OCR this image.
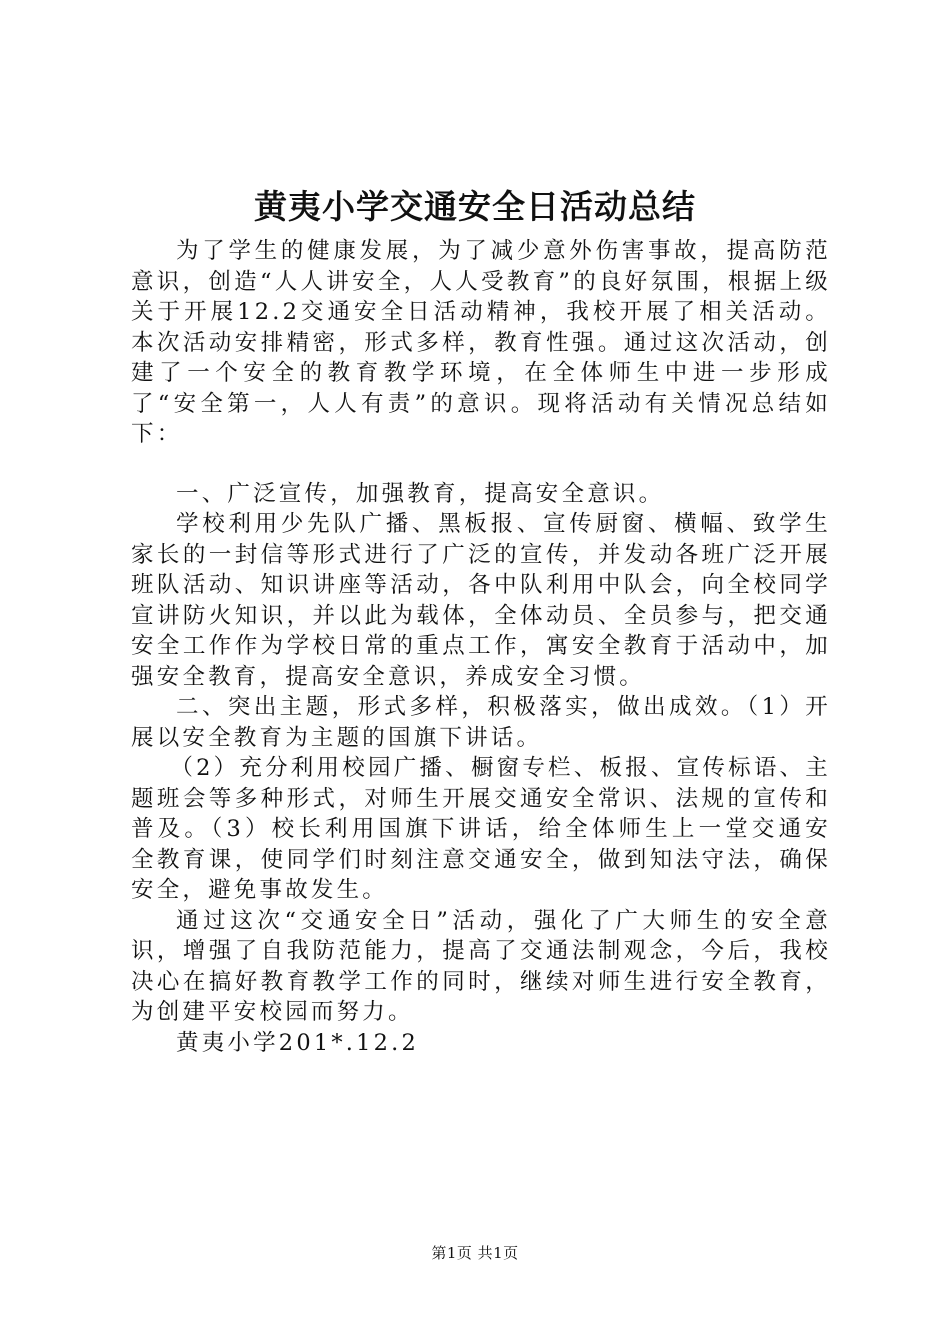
黄夷小学交通安全日活动总结

为了学生的健康发展，为了减少意外伤害事故，提高防范意识，创造“人人讲安全，人人受教育”的良好氛围，根据上级关于开展12.2交通安全日活动精神，我校开展了相关活动。本次活动安排精密，形式多样，教育性强。通过这次活动，创建了一个安全的教育教学环境，在全体师生中进一步形成了“安全第一，人人有责”的意识。现将活动有关情况总结如下：

一、广泛宣传，加强教育，提高安全意识。

学校利用少先队广播、黑板报、宣传厨窗、横幅、致学生家长的一封信等形式进行了广泛的宣传，并发动各班广泛开展班队活动、知识讲座等活动，各中队利用中队会，向全校同学宣讲防火知识，并以此为载体，全体动员、全员参与，把交通安全工作作为学校日常的重点工作，寓安全教育于活动中，加强安全教育，提高安全意识，养成安全习惯。

二、突出主题，形式多样，积极落实，做出成效。（1）开展以安全教育为主题的国旗下讲话。

（2）充分利用校园广播、橱窗专栏、板报、宣传标语、主题班会等多种形式，对师生开展交通安全常识、法规的宣传和普及。（3）校长利用国旗下讲话，给全体师生上一堂交通安全教育课，使同学们时刻注意交通安全，做到知法守法，确保安全，避免事故发生。

通过这次“交通安全日”活动，强化了广大师生的安全意识，增强了自我防范能力，提高了交通法制观念，今后，我校决心在搞好教育教学工作的同时，继续对师生进行安全教育，为创建平安校园而努力。

黄夷小学201*.12.2

第1页 共1页
